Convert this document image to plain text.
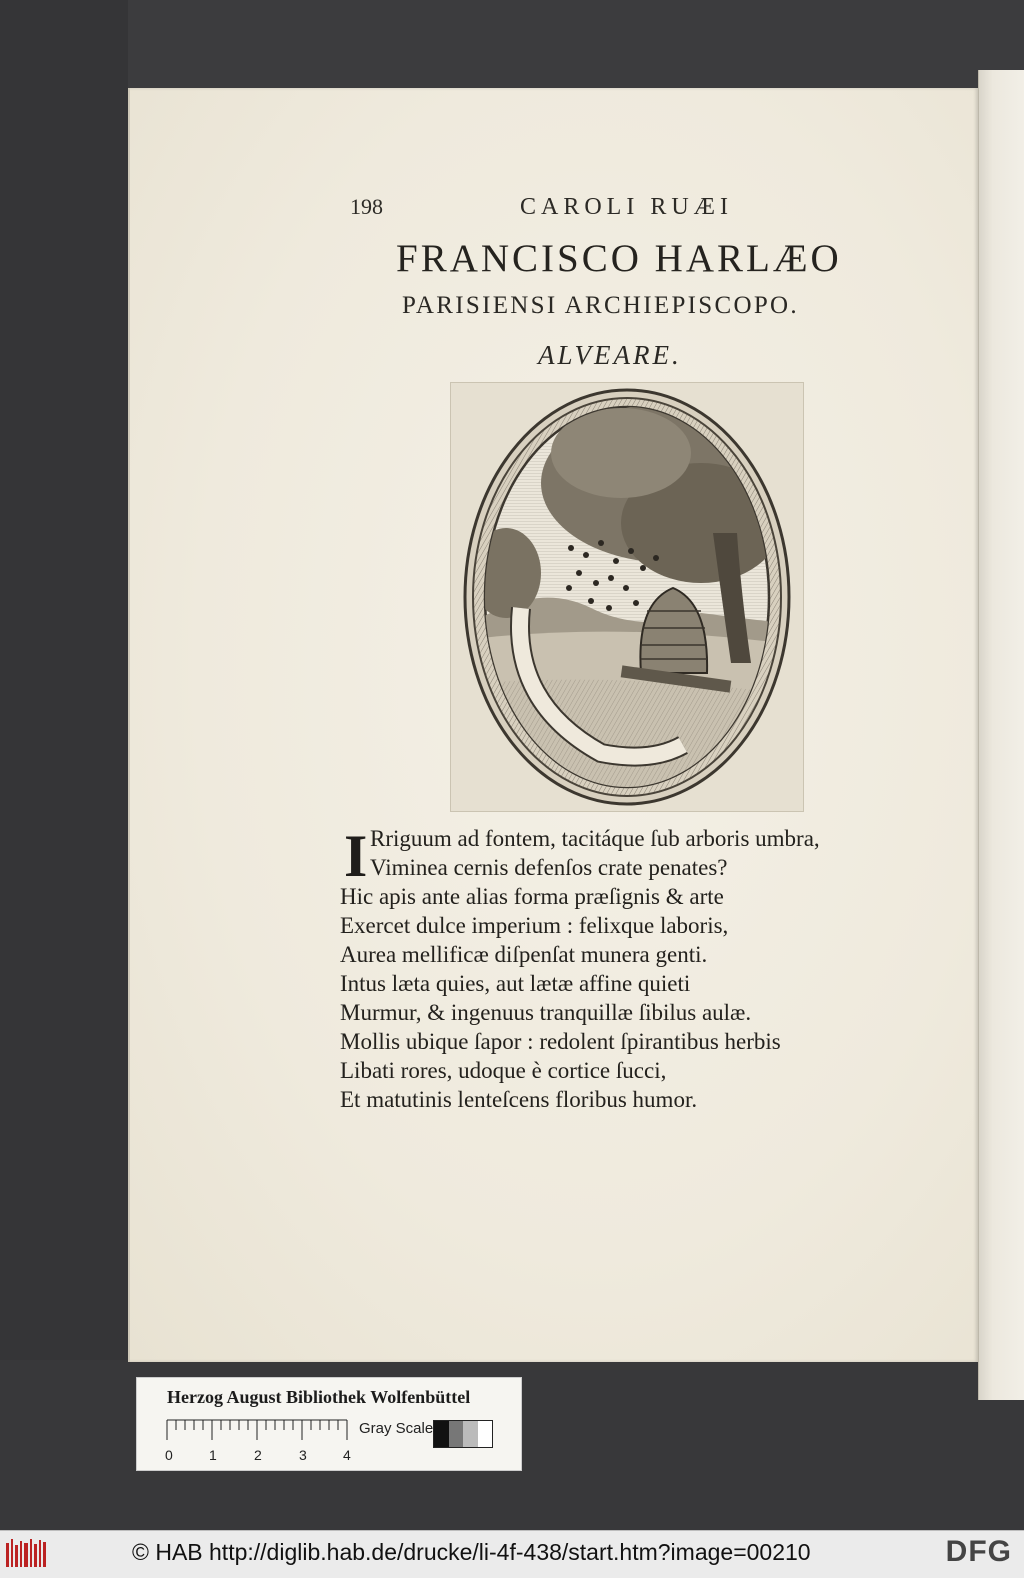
198	CAROLI RUÆI
FRANCISCO HARLÆO
PARISIENSI ARCHIEPISCOPO.
ALVEARE.
I Rriguum ad fontem, tacitáque ſub arboris umbra,
Viminea cernis defenſos crate penates?
Hic apis ante alias forma præſignis & arte
Exercet dulce imperium : felixque laboris,
Aurea mellificæ diſpenſat munera genti.
Intus læta quies, aut lætæ affine quieti
Murmur, & ingenuus tranquillæ ſibilus aulæ.
Mollis ubique ſapor : redolent ſpirantibus herbis
Libati rores, udoque è cortice ſucci,
Et matutinis lenteſcens floribus humor.
Herzog August Bibliothek Wolfenbüttel
0	1	2	3	4
Gray Scale
© HAB http://diglib.hab.de/drucke/li-4f-438/start.htm?image=00210	DFG
